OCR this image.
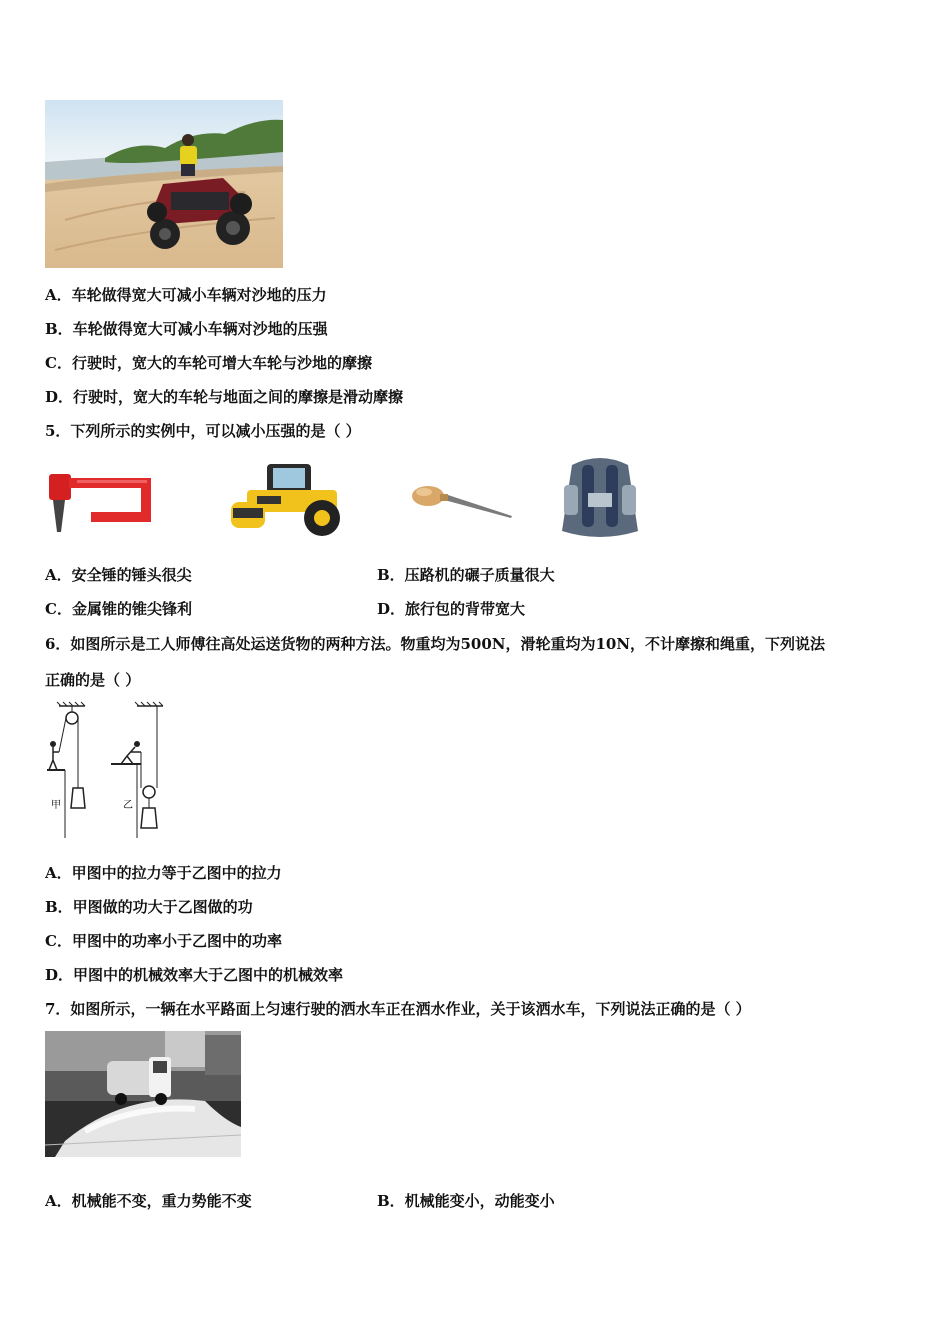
A．车轮做得宽大可减小车辆对沙地的压力
B．车轮做得宽大可减小车辆对沙地的压强
C．行驶时，宽大的车轮可增大车轮与沙地的摩擦
D．行驶时，宽大的车轮与地面之间的摩擦是滑动摩擦
5．下列所示的实例中，可以减小压强的是（ ）
A．安全锤的锤头很尖	B．压路机的碾子质量很大
C．金属锥的锥尖锋利	D．旅行包的背带宽大
6．如图所示是工人师傅往高处运送货物的两种方法。物重均为500N，滑轮重均为10N，不计摩擦和绳重，下列说法
正确的是（ ）
甲	乙
A．甲图中的拉力等于乙图中的拉力
B．甲图做的功大于乙图做的功
C．甲图中的功率小于乙图中的功率
D．甲图中的机械效率大于乙图中的机械效率
7．如图所示，一辆在水平路面上匀速行驶的洒水车正在洒水作业，关于该洒水车，下列说法正确的是（ ）
A．机械能不变，重力势能不变	B．机械能变小，动能变小
